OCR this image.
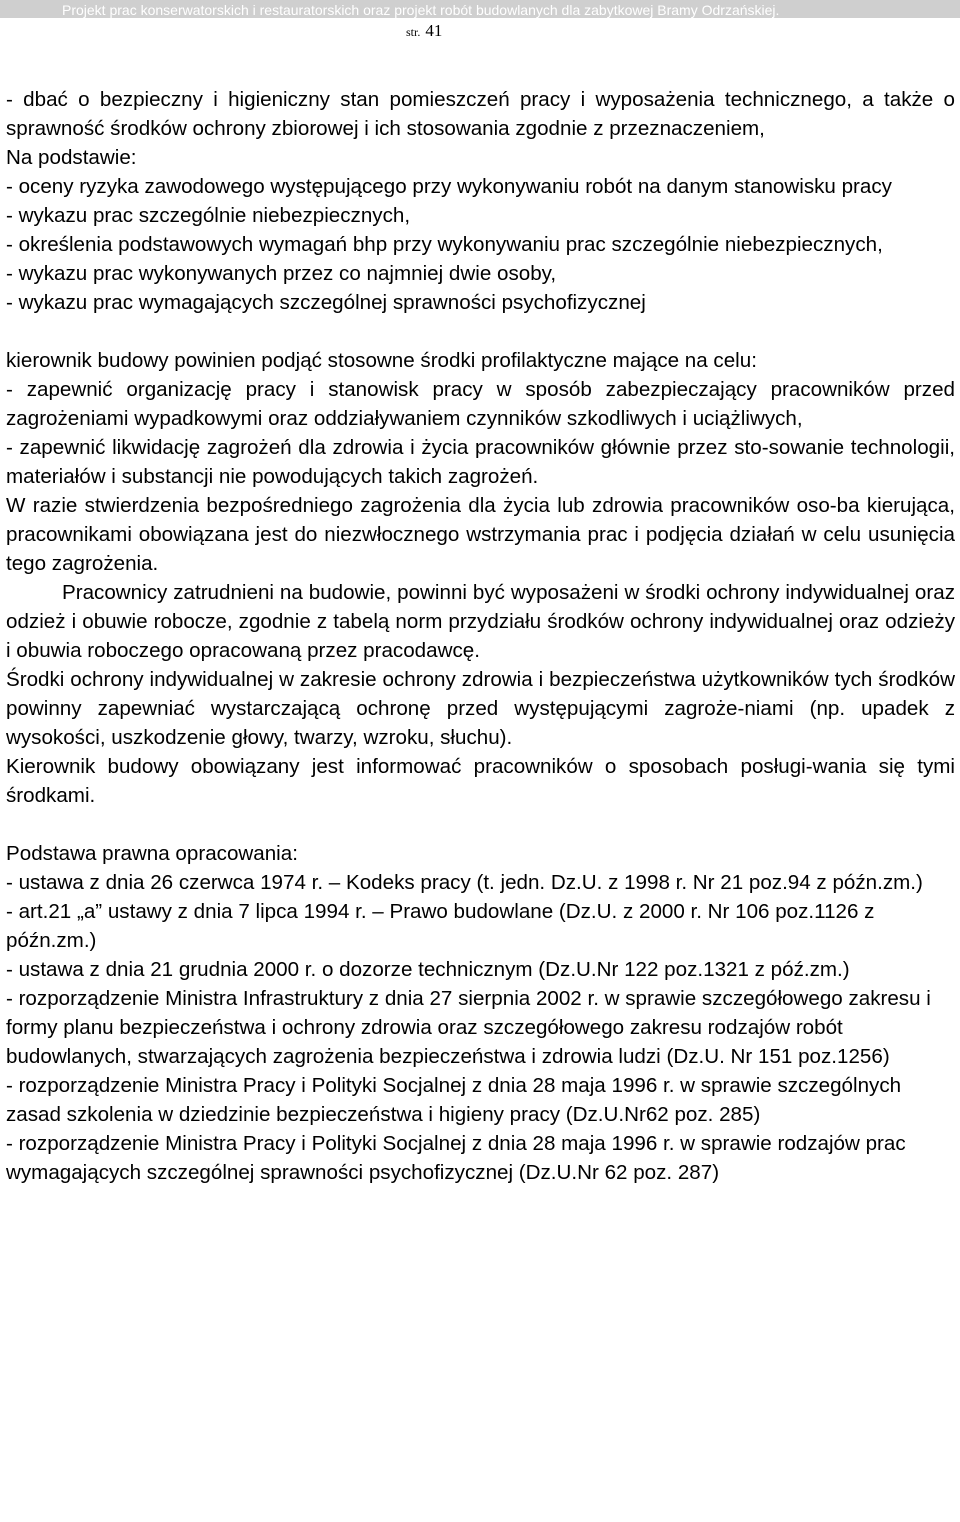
Projekt prac konserwatorskich i restauratorskich oraz projekt robót budowlanych dla zabytkowej Bramy Odrzańskiej.
str. 41

- dbać o bezpieczny i higieniczny stan pomieszczeń pracy i wyposażenia technicznego, a także o sprawność środków ochrony zbiorowej i ich stosowania zgodnie z przeznaczeniem,

Na podstawie:

- oceny ryzyka zawodowego występującego przy wykonywaniu robót na danym stanowisku pracy

- wykazu prac szczególnie niebezpiecznych,

- określenia podstawowych wymagań bhp przy wykonywaniu prac szczególnie niebezpiecznych,

- wykazu prac wykonywanych przez co najmniej dwie osoby,

- wykazu prac wymagających szczególnej sprawności psychofizycznej

kierownik budowy powinien podjąć stosowne środki profilaktyczne mające na celu:

- zapewnić organizację pracy i stanowisk pracy w sposób zabezpieczający pracowników przed zagrożeniami wypadkowymi oraz oddziaływaniem czynników szkodliwych i uciążliwych,

- zapewnić likwidację zagrożeń dla zdrowia i życia pracowników głównie przez sto-sowanie technologii, materiałów i substancji nie powodujących takich zagrożeń.

W razie stwierdzenia bezpośredniego zagrożenia dla życia lub zdrowia pracowników oso-ba kierująca, pracownikami obowiązana jest do niezwłocznego wstrzymania prac i podjęcia działań w celu usunięcia tego zagrożenia.

Pracownicy zatrudnieni na budowie, powinni być wyposażeni w środki ochrony indywidualnej oraz odzież i obuwie robocze, zgodnie z tabelą norm przydziału środków ochrony indywidualnej oraz odzieży i obuwia roboczego opracowaną przez pracodawcę.

Środki ochrony indywidualnej w zakresie ochrony zdrowia i bezpieczeństwa użytkowników tych środków powinny zapewniać wystarczającą ochronę przed występującymi zagroże-niami (np. upadek z wysokości, uszkodzenie głowy, twarzy, wzroku, słuchu).

Kierownik budowy obowiązany jest informować pracowników o sposobach posługi-wania się tymi środkami.

Podstawa prawna opracowania:

- ustawa z dnia 26 czerwca 1974 r. – Kodeks pracy (t. jedn. Dz.U. z 1998 r. Nr 21 poz.94 z późn.zm.)

- art.21 „a” ustawy z dnia 7 lipca 1994 r. – Prawo budowlane (Dz.U. z 2000 r. Nr 106 poz.1126 z późn.zm.)

- ustawa z dnia 21 grudnia 2000 r. o dozorze technicznym (Dz.U.Nr 122 poz.1321 z póź.zm.)

- rozporządzenie Ministra Infrastruktury z dnia 27 sierpnia 2002 r. w sprawie szczegółowego zakresu i formy planu bezpieczeństwa i ochrony zdrowia oraz szczegółowego zakresu rodzajów robót budowlanych, stwarzających zagrożenia bezpieczeństwa i zdrowia ludzi (Dz.U. Nr 151 poz.1256)

- rozporządzenie Ministra Pracy i Polityki Socjalnej z dnia 28 maja 1996 r. w sprawie szczególnych zasad szkolenia w dziedzinie bezpieczeństwa i higieny pracy (Dz.U.Nr62 poz. 285)

- rozporządzenie Ministra Pracy i Polityki Socjalnej z dnia 28 maja 1996 r. w sprawie rodzajów prac wymagających szczególnej sprawności psychofizycznej (Dz.U.Nr 62 poz. 287)
